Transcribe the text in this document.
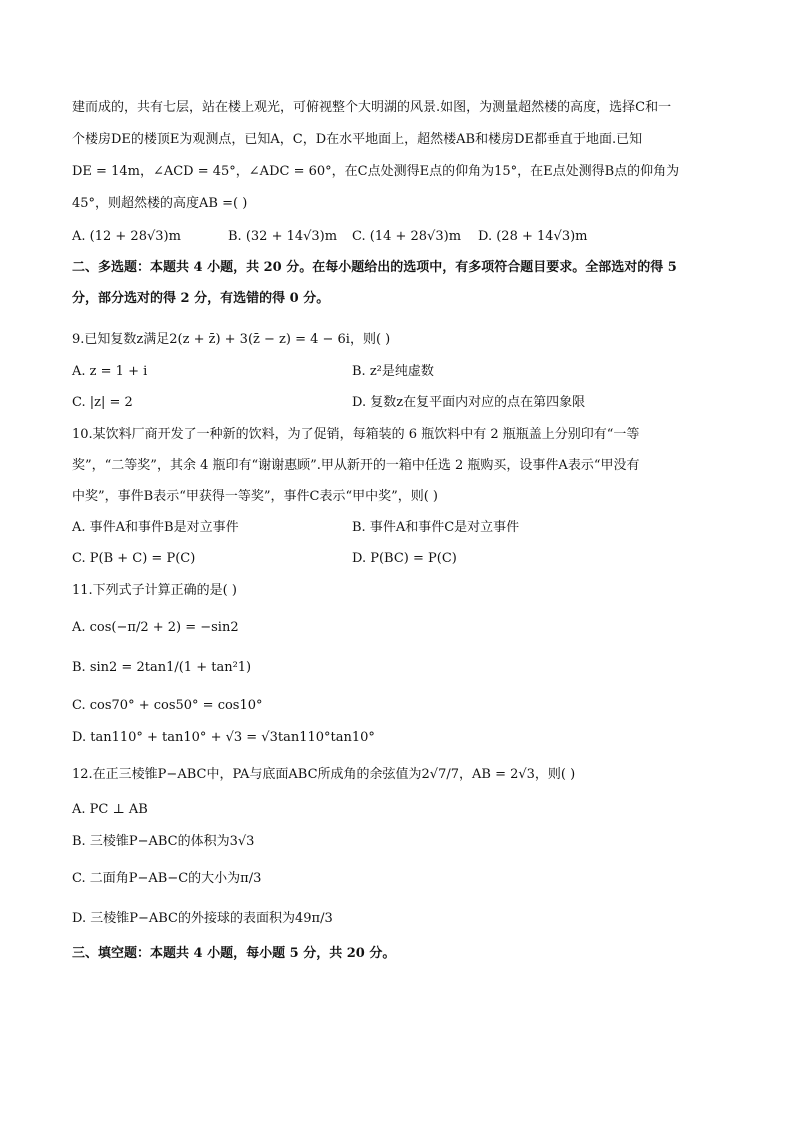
建而成的，共有七层，站在楼上观光，可俯视整个大明湖的风景.如图，为测量超然楼的高度，选择C和一
个楼房DE的楼顶E为观测点，已知A，C，D在水平地面上，超然楼AB和楼房DE都垂直于地面.已知
DE = 14m，∠ACD = 45°，∠ADC = 60°，在C点处测得E点的仰角为15°，在E点处测得B点的仰角为
45°，则超然楼的高度AB =( )
A. (12 + 28√3)m	B. (32 + 14√3)m C. (14 + 28√3)m D. (28 + 14√3)m
二、多选题：本题共 4 小题，共 20 分。在每小题给出的选项中，有多项符合题目要求。全部选对的得 5
分，部分选对的得 2 分，有选错的得 0 分。
9.已知复数z满足2(z + z̄) + 3(z̄ − z) = 4 − 6i，则( )
A. z = 1 + i	B. z²是纯虚数
C. |z| = 2	D. 复数z在复平面内对应的点在第四象限
10.某饮料厂商开发了一种新的饮料，为了促销，每箱装的 6 瓶饮料中有 2 瓶瓶盖上分别印有“一等
奖”，“二等奖”，其余 4 瓶印有“谢谢惠顾”.甲从新开的一箱中任选 2 瓶购买，设事件A表示“甲没有
中奖”，事件B表示“甲获得一等奖”，事件C表示“甲中奖”，则( )
A. 事件A和事件B是对立事件	B. 事件A和事件C是对立事件
C. P(B + C) = P(C)	D. P(BC) = P(C)
11.下列式子计算正确的是( )
A. cos(−π/2 + 2) = −sin2
B. sin2 = 2tan1/(1 + tan²1)
C. cos70° + cos50° = cos10°
D. tan110° + tan10° + √3 = √3tan110°tan10°
12.在正三棱锥P−ABC中，PA与底面ABC所成角的余弦值为2√7/7，AB = 2√3，则( )
A. PC ⊥ AB
B. 三棱锥P−ABC的体积为3√3
C. 二面角P−AB−C的大小为π/3
D. 三棱锥P−ABC的外接球的表面积为49π/3
三、填空题：本题共 4 小题，每小题 5 分，共 20 分。
